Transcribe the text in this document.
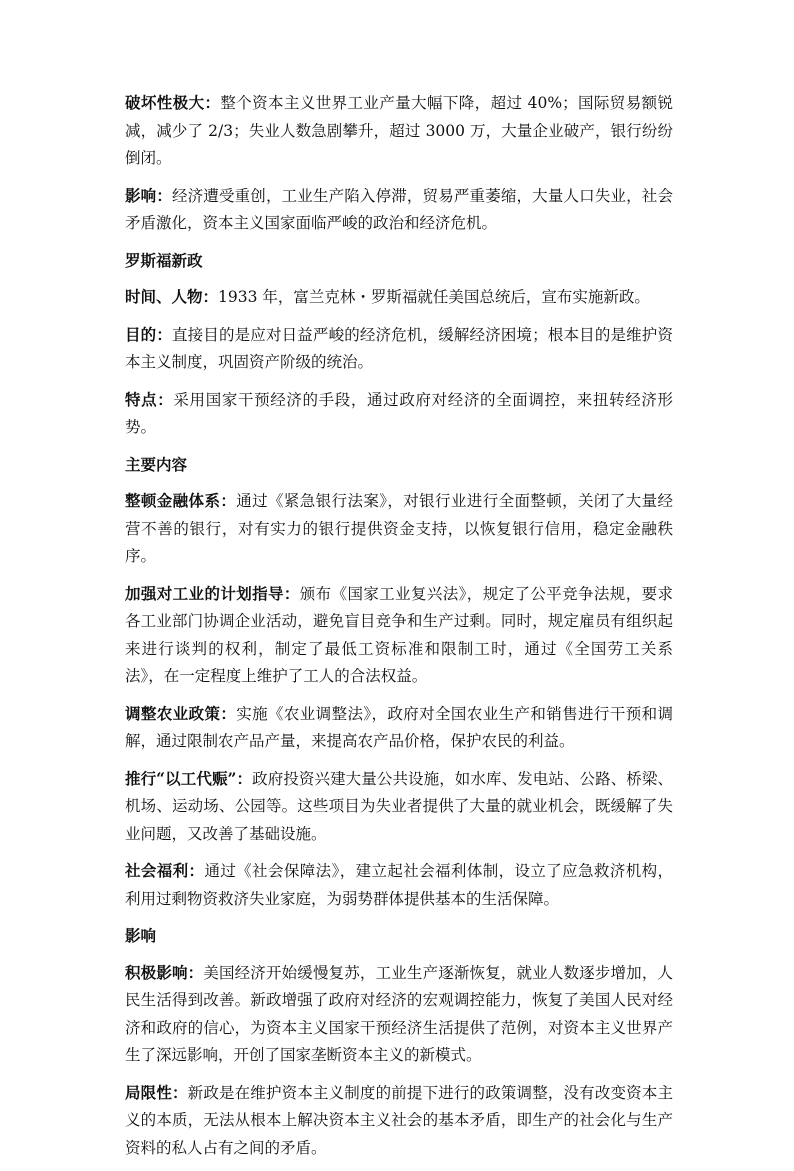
破坏性极大：整个资本主义世界工业产量大幅下降，超过 40%；国际贸易额锐减，减少了 2/3；失业人数急剧攀升，超过 3000 万，大量企业破产，银行纷纷倒闭。

影响：经济遭受重创，工业生产陷入停滞，贸易严重萎缩，大量人口失业，社会矛盾激化，资本主义国家面临严峻的政治和经济危机。

罗斯福新政

时间、人物：1933 年，富兰克林・罗斯福就任美国总统后，宣布实施新政。

目的：直接目的是应对日益严峻的经济危机，缓解经济困境；根本目的是维护资本主义制度，巩固资产阶级的统治。

特点：采用国家干预经济的手段，通过政府对经济的全面调控，来扭转经济形势。

主要内容

整顿金融体系：通过《紧急银行法案》，对银行业进行全面整顿，关闭了大量经营不善的银行，对有实力的银行提供资金支持，以恢复银行信用，稳定金融秩序。

加强对工业的计划指导：颁布《国家工业复兴法》，规定了公平竞争法规，要求各工业部门协调企业活动，避免盲目竞争和生产过剩。同时，规定雇员有组织起来进行谈判的权利，制定了最低工资标准和限制工时，通过《全国劳工关系法》，在一定程度上维护了工人的合法权益。

调整农业政策：实施《农业调整法》，政府对全国农业生产和销售进行干预和调解，通过限制农产品产量，来提高农产品价格，保护农民的利益。

推行“以工代赈”：政府投资兴建大量公共设施，如水库、发电站、公路、桥梁、机场、运动场、公园等。这些项目为失业者提供了大量的就业机会，既缓解了失业问题，又改善了基础设施。

社会福利：通过《社会保障法》，建立起社会福利体制，设立了应急救济机构，利用过剩物资救济失业家庭，为弱势群体提供基本的生活保障。

影响

积极影响：美国经济开始缓慢复苏，工业生产逐渐恢复，就业人数逐步增加，人民生活得到改善。新政增强了政府对经济的宏观调控能力，恢复了美国人民对经济和政府的信心，为资本主义国家干预经济生活提供了范例，对资本主义世界产生了深远影响，开创了国家垄断资本主义的新模式。

局限性：新政是在维护资本主义制度的前提下进行的政策调整，没有改变资本主义的本质，无法从根本上解决资本主义社会的基本矛盾，即生产的社会化与生产资料的私人占有之间的矛盾。
